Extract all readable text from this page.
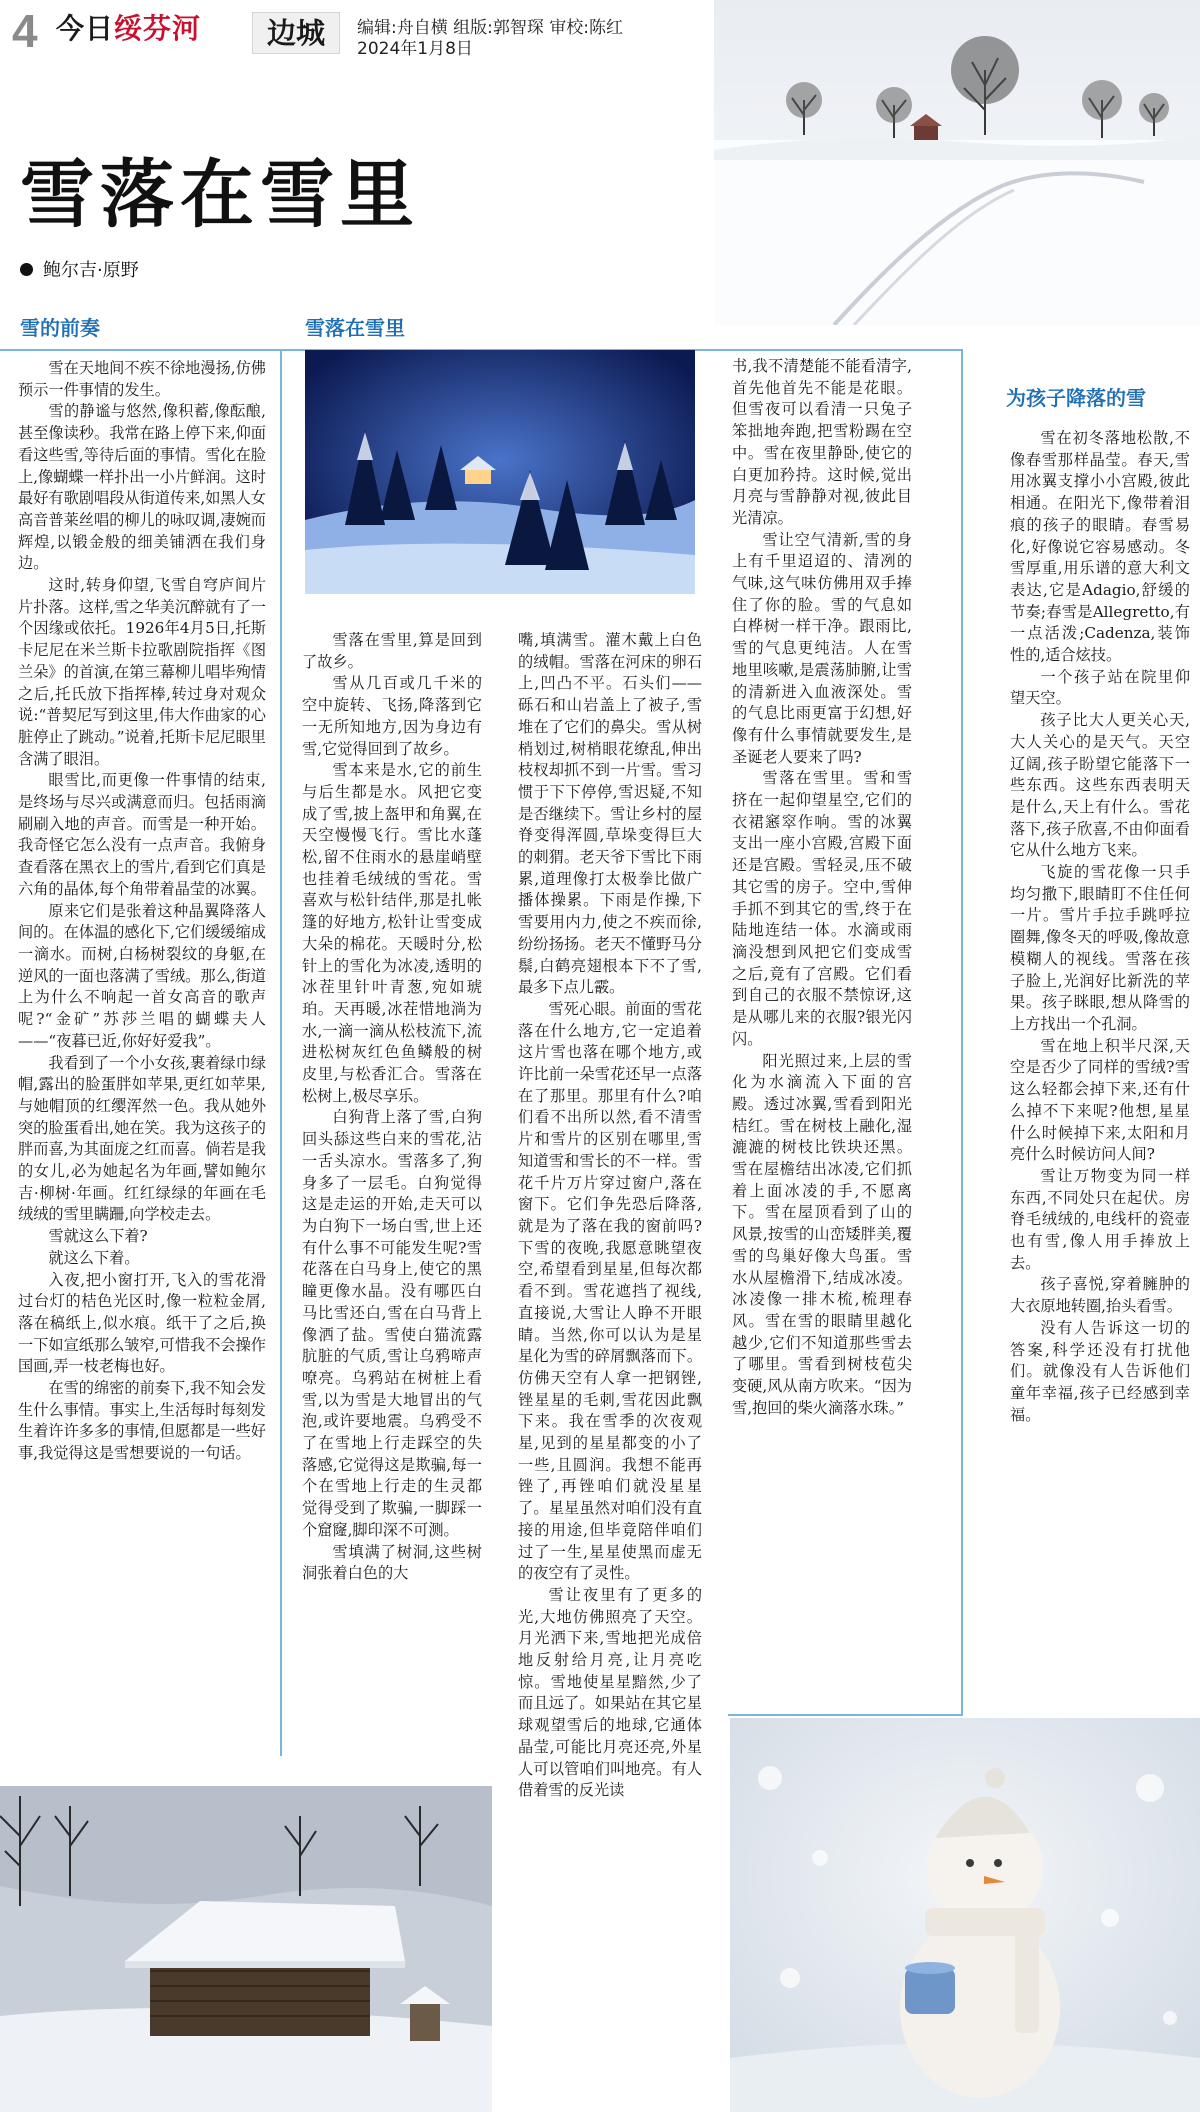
4 今日绥芬河	边城	编辑:舟自横 组版:郭智琛 审校:陈红
2024年1月8日
雪落在雪里
鲍尔吉·原野
雪的前奏	雪落在雪里
为孩子降落的雪

雪在天地间不疾不徐地漫扬,仿佛预示一件事情的发生。

雪的静谧与悠然,像积蓄,像酝酿,甚至像读秒。我常在路上停下来,仰面看这些雪,等待后面的事情。雪化在脸上,像蝴蝶一样扑出一小片鲜润。这时最好有歌剧唱段从街道传来,如黑人女高音普莱丝唱的柳儿的咏叹调,凄婉而辉煌,以锻金般的细美铺洒在我们身边。

这时,转身仰望,飞雪自穹庐间片片扑落。这样,雪之华美沉醉就有了一个因缘或依托。1926年4月5日,托斯卡尼尼在米兰斯卡拉歌剧院指挥《图兰朵》的首演,在第三幕柳儿唱毕殉情之后,托氏放下指挥棒,转过身对观众说:“普契尼写到这里,伟大作曲家的心脏停止了跳动。”说着,托斯卡尼尼眼里含满了眼泪。

眼雪比,而更像一件事情的结束,是终场与尽兴或满意而归。包括雨滴刷刷入地的声音。而雪是一种开始。我奇怪它怎么没有一点声音。我俯身查看落在黑衣上的雪片,看到它们真是六角的晶体,每个角带着晶莹的冰翼。

原来它们是张着这种晶翼降落人间的。在体温的感化下,它们缓缓缩成一滴水。而树,白杨树裂纹的身躯,在逆风的一面也落满了雪绒。那么,街道上为什么不响起一首女高音的歌声呢?“金矿”苏莎兰唱的蝴蝶夫人——“夜暮已近,你好好爱我”。

我看到了一个小女孩,裹着绿巾绿帽,露出的脸蛋胖如苹果,更红如苹果,与她帽顶的红缨浑然一色。我从她外突的脸蛋看出,她在笑。我为这孩子的胖而喜,为其面庞之红而喜。倘若是我的女儿,必为她起名为年画,譬如鲍尔吉·柳树·年画。红红绿绿的年画在毛绒绒的雪里瞒跚,向学校走去。

雪就这么下着?

就这么下着。

入夜,把小窗打开,飞入的雪花滑过台灯的桔色光区时,像一粒粒金屑,落在稿纸上,似水痕。纸干了之后,换一下如宣纸那么皱窄,可惜我不会操作国画,弄一枝老梅也好。

在雪的绵密的前奏下,我不知会发生什么事情。事实上,生活每时每刻发生着许许多多的事情,但愿都是一些好事,我觉得这是雪想要说的一句话。

雪落在雪里,算是回到了故乡。

雪从几百或几千米的空中旋转、飞扬,降落到它一无所知地方,因为身边有雪,它觉得回到了故乡。

雪本来是水,它的前生与后生都是水。风把它变成了雪,披上盔甲和角翼,在天空慢慢飞行。雪比水蓬松,留不住雨水的悬崖峭壁也挂着毛绒绒的雪花。雪喜欢与松针结伴,那是扎帐篷的好地方,松针让雪变成大朵的棉花。天暖时分,松针上的雪化为冰凌,透明的冰茬里针叶青葱,宛如琥珀。天再暖,冰茬惜地淌为水,一滴一滴从松枝流下,流进松树灰红色鱼鳞般的树皮里,与松香汇合。雪落在松树上,极尽享乐。

白狗背上落了雪,白狗回头舔这些白来的雪花,沾一舌头凉水。雪落多了,狗身多了一层毛。白狗觉得这是走运的开始,走天可以为白狗下一场白雪,世上还有什么事不可能发生呢?雪花落在白马身上,使它的黑瞳更像水晶。没有哪匹白马比雪还白,雪在白马背上像洒了盐。雪使白猫流露肮脏的气质,雪让乌鸦啼声嘹亮。乌鸦站在树桩上看雪,以为雪是大地冒出的气泡,或许要地震。乌鸦受不了在雪地上行走踩空的失落感,它觉得这是欺骗,每一个在雪地上行走的生灵都觉得受到了欺骗,一脚踩一个窟窿,脚印深不可测。

雪填满了树洞,这些树洞张着白色的大

嘴,填满雪。灌木戴上白色的绒帽。雪落在河床的卵石上,凹凸不平。石头们——砾石和山岩盖上了被子,雪堆在了它们的鼻尖。雪从树梢划过,树梢眼花缭乱,伸出枝杈却抓不到一片雪。雪习惯于下下停停,雪迟疑,不知是否继续下。雪让乡村的屋脊变得浑圆,草垛变得巨大的刺猬。老天爷下雪比下雨累,道理像打太极拳比做广播体操累。下雨是作操,下雪要用内力,使之不疾而徐,纷纷扬扬。老天不懂野马分鬃,白鹤亮翅根本下不了雪,最多下点儿霰。

雪死心眼。前面的雪花落在什么地方,它一定追着这片雪也落在哪个地方,或许比前一朵雪花还早一点落在了那里。那里有什么?咱们看不出所以然,看不清雪片和雪片的区别在哪里,雪知道雪和雪长的不一样。雪花千片万片穿过窗户,落在窗下。它们争先恐后降落,就是为了落在我的窗前吗?下雪的夜晚,我愿意眺望夜空,希望看到星星,但每次都看不到。雪花遮挡了视线,直接说,大雪让人睁不开眼睛。当然,你可以认为是星星化为雪的碎屑飘落而下。仿佛天空有人拿一把钢锉,锉星星的毛刺,雪花因此飘下来。我在雪季的次夜观星,见到的星星都变的小了一些,且圆润。我想不能再锉了,再锉咱们就没星星了。星星虽然对咱们没有直接的用途,但毕竟陪伴咱们过了一生,星星使黑而虚无的夜空有了灵性。

雪让夜里有了更多的光,大地仿佛照亮了天空。月光洒下来,雪地把光成倍地反射给月亮,让月亮吃惊。雪地使星星黯然,少了而且远了。如果站在其它星球观望雪后的地球,它通体晶莹,可能比月亮还亮,外星人可以管咱们叫地亮。有人借着雪的反光读

书,我不清楚能不能看清字,首先他首先不能是花眼。但雪夜可以看清一只兔子笨拙地奔跑,把雪粉踢在空中。雪在夜里静卧,使它的白更加矜持。这时候,觉出月亮与雪静静对视,彼此目光清凉。

雪让空气清新,雪的身上有千里迢迢的、清冽的气味,这气味仿佛用双手捧住了你的脸。雪的气息如白桦树一样干净。跟雨比,雪的气息更纯洁。人在雪地里咳嗽,是震荡肺腑,让雪的清新进入血液深处。雪的气息比雨更富于幻想,好像有什么事情就要发生,是圣诞老人要来了吗?

雪落在雪里。雪和雪挤在一起仰望星空,它们的衣裙窸窣作响。雪的冰翼支出一座小宫殿,宫殿下面还是宫殿。雪轻灵,压不破其它雪的房子。空中,雪伸手抓不到其它的雪,终于在陆地连结一体。水滴或雨滴没想到风把它们变成雪之后,竟有了宫殿。它们看到自己的衣服不禁惊讶,这是从哪儿来的衣服?银光闪闪。

阳光照过来,上层的雪化为水滴流入下面的宫殿。透过冰翼,雪看到阳光桔红。雪在树枝上融化,湿漉漉的树枝比铁块还黑。雪在屋檐结出冰凌,它们抓着上面冰凌的手,不愿离下。雪在屋顶看到了山的风景,按雪的山峦矮胖美,覆雪的鸟巢好像大鸟蛋。雪水从屋檐滑下,结成冰凌。冰凌像一排木梳,梳理春风。雪在雪的眼睛里越化越少,它们不知道那些雪去了哪里。雪看到树枝苞尖变硬,风从南方吹来。“因为雪,抱回的柴火滴落水珠。”

雪在初冬落地松散,不像春雪那样晶莹。春天,雪用冰翼支撑小小宫殿,彼此相通。在阳光下,像带着泪痕的孩子的眼睛。春雪易化,好像说它容易感动。冬雪厚重,用乐谱的意大利文表达,它是Adagio,舒缓的节奏;春雪是Allegretto,有一点活泼;Cadenza,装饰性的,适合炫技。

一个孩子站在院里仰望天空。

孩子比大人更关心天,大人关心的是天气。天空辽阔,孩子盼望它能落下一些东西。这些东西表明天是什么,天上有什么。雪花落下,孩子欣喜,不由仰面看它从什么地方飞来。

飞旋的雪花像一只手均匀撒下,眼睛盯不住任何一片。雪片手拉手跳呼拉圈舞,像冬天的呼吸,像故意模糊人的视线。雪落在孩子脸上,光润好比新洗的苹果。孩子眯眼,想从降雪的上方找出一个孔洞。

雪在地上积半尺深,天空是否少了同样的雪绒?雪这么轻都会掉下来,还有什么掉不下来呢?他想,星星什么时候掉下来,太阳和月亮什么时候访问人间?

雪让万物变为同一样东西,不同处只在起伏。房脊毛绒绒的,电线杆的瓷壶也有雪,像人用手捧放上去。

孩子喜悦,穿着臃肿的大衣原地转圈,抬头看雪。

没有人告诉这一切的答案,科学还没有打扰他们。就像没有人告诉他们童年幸福,孩子已经感到幸福。
